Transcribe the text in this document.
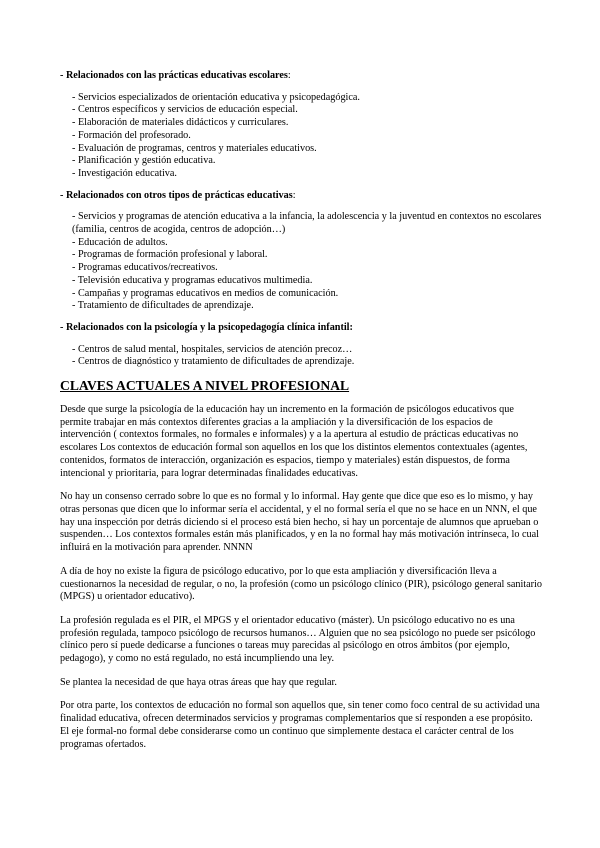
- Relacionados con las prácticas educativas escolares:

- Servicios especializados de orientación educativa y psicopedagógica.
- Centros específicos y servicios de educación especial.
- Elaboración de materiales didácticos y curriculares.
- Formación del profesorado.
- Evaluación de programas, centros y materiales educativos.
- Planificación y gestión educativa.
- Investigación educativa.

- Relacionados con otros tipos de prácticas educativas:

- Servicios y programas de atención educativa a la infancia, la adolescencia y la juventud en contextos no escolares (familia, centros de acogida, centros de adopción…)
- Educación de adultos.
- Programas de formación profesional y laboral.
- Programas educativos/recreativos.
- Televisión educativa y programas educativos multimedia.
- Campañas y programas educativos en medios de comunicación.
- Tratamiento de dificultades de aprendizaje.

- Relacionados con la psicología y la psicopedagogía clínica infantil:

- Centros de salud mental, hospitales, servicios de atención precoz…
- Centros de diagnóstico y tratamiento de dificultades de aprendizaje.
CLAVES ACTUALES A NIVEL PROFESIONAL

Desde que surge la psicología de la educación hay un incremento en la formación de psicólogos educativos que permite trabajar en más contextos diferentes gracias a la ampliación y la diversificación de los espacios de intervención ( contextos formales, no formales e informales) y a la apertura al estudio de prácticas educativas no escolares Los contextos de educación formal son aquellos en los que los distintos elementos contextuales (agentes, contenidos, formatos de interacción, organización es espacios, tiempo y materiales) están dispuestos, de forma intencional y prioritaria, para lograr determinadas finalidades educativas.

No hay un consenso cerrado sobre lo que es no formal y lo informal. Hay gente que dice que eso es lo mismo, y hay otras personas que dicen que lo informar sería el accidental, y el no formal sería el que no se hace en un NNN, el que hay una inspección por detrás diciendo si el proceso está bien hecho, si hay un porcentaje de alumnos que aprueban o suspenden… Los contextos formales están más planificados, y en la no formal hay más motivación intrínseca, lo cual influirá en la motivación para aprender. NNNN

A día de hoy no existe la figura de psicólogo educativo, por lo que esta ampliación y diversificación lleva a cuestionarnos la necesidad de regular, o no, la profesión (como un psicólogo clínico (PIR), psicólogo general sanitario (MPGS) u orientador educativo).

La profesión regulada es el PIR, el MPGS y el orientador educativo (máster). Un psicólogo educativo no es una profesión regulada, tampoco psicólogo de recursos humanos… Alguien que no sea psicólogo no puede ser psicólogo clínico pero sí puede dedicarse a funciones o tareas muy parecidas al psicólogo en otros ámbitos (por ejemplo, pedagogo), y como no está regulado, no está incumpliendo una ley.

Se plantea la necesidad de que haya otras áreas que hay que regular.

Por otra parte, los contextos de educación no formal son aquellos que, sin tener como foco central de su actividad una finalidad educativa, ofrecen determinados servicios y programas complementarios que sí responden a ese propósito. El eje formal-no formal debe considerarse como un continuo que simplemente destaca el carácter central de los programas ofertados.
